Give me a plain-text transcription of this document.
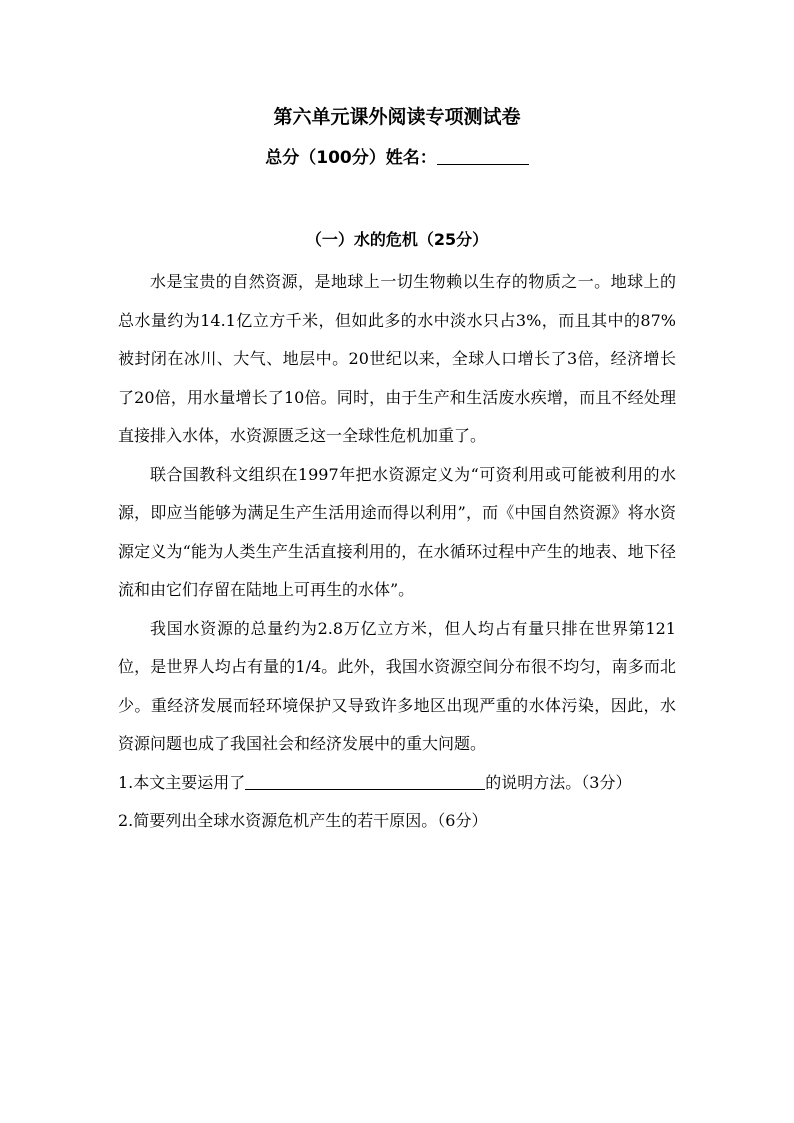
第六单元课外阅读专项测试卷
总分（100分）姓名：
（一）水的危机（25分）

水是宝贵的自然资源，是地球上一切生物赖以生存的物质之一。地球上的总水量约为14.1亿立方千米，但如此多的水中淡水只占3%，而且其中的87%被封闭在冰川、大气、地层中。20世纪以来，全球人口增长了3倍，经济增长了20倍，用水量增长了10倍。同时，由于生产和生活废水疾增，而且不经处理直接排入水体，水资源匮乏这一全球性危机加重了。

联合国教科文组织在1997年把水资源定义为“可资利用或可能被利用的水源，即应当能够为满足生产生活用途而得以利用”，而《中国自然资源》将水资源定义为“能为人类生产生活直接利用的，在水循环过程中产生的地表、地下径流和由它们存留在陆地上可再生的水体”。

我国水资源的总量约为2.8万亿立方米，但人均占有量只排在世界第121位，是世界人均占有量的1/4。此外，我国水资源空间分布很不均匀，南多而北少。重经济发展而轻环境保护又导致许多地区出现严重的水体污染，因此，水资源问题也成了我国社会和经济发展中的重大问题。

1.本文主要运用了	的说明方法。（3分）
2.简要列出全球水资源危机产生的若干原因。（6分）
